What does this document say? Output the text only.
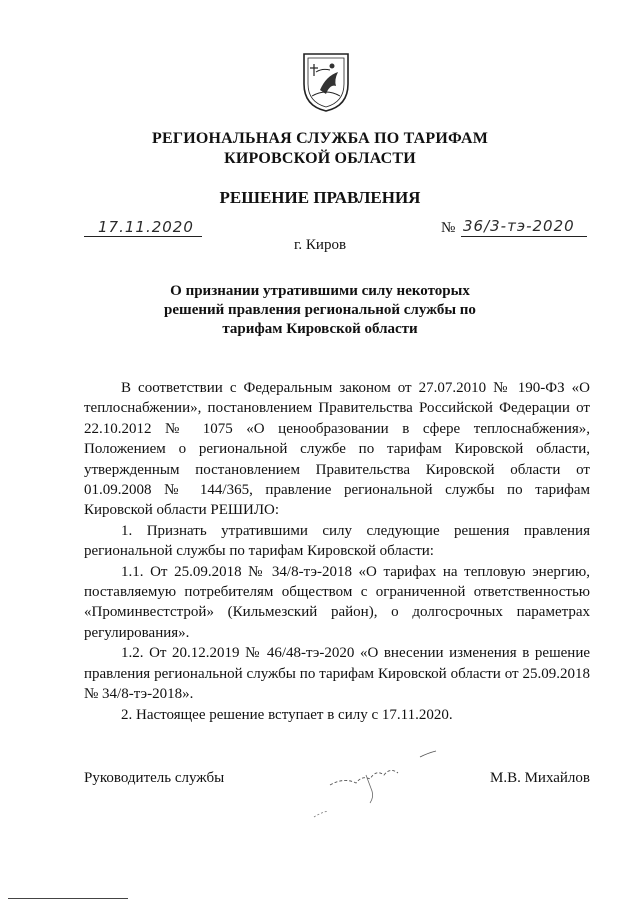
РЕГИОНАЛЬНАЯ СЛУЖБА ПО ТАРИФАМ
КИРОВСКОЙ ОБЛАСТИ
РЕШЕНИЕ ПРАВЛЕНИЯ
17.11.2020	№ 36/3-тэ-2020
г. Киров
О признании утратившими силу некоторых
решений правления региональной службы по
тарифам Кировской области

В соответствии с Федеральным законом от 27.07.2010 № 190-ФЗ «О теплоснабжении», постановлением Правительства Российской Федерации от 22.10.2012 № 1075 «О ценообразовании в сфере теплоснабжения», Положением о региональной службе по тарифам Кировской области, утвержденным постановлением Правительства Кировской области от 01.09.2008 № 144/365, правление региональной службы по тарифам Кировской области РЕШИЛО:

1. Признать утратившими силу следующие решения правления региональной службы по тарифам Кировской области:

1.1. От 25.09.2018 № 34/8-тэ-2018 «О тарифах на тепловую энергию, поставляемую потребителям обществом с ограниченной ответственностью «Проминвестстрой» (Кильмезский район), о долгосрочных параметрах регулирования».

1.2. От 20.12.2019 № 46/48-тэ-2020 «О внесении изменения в решение правления региональной службы по тарифам Кировской области от 25.09.2018 № 34/8-тэ-2018».

2. Настоящее решение вступает в силу с 17.11.2020.

Руководитель службы	М.В. Михайлов
